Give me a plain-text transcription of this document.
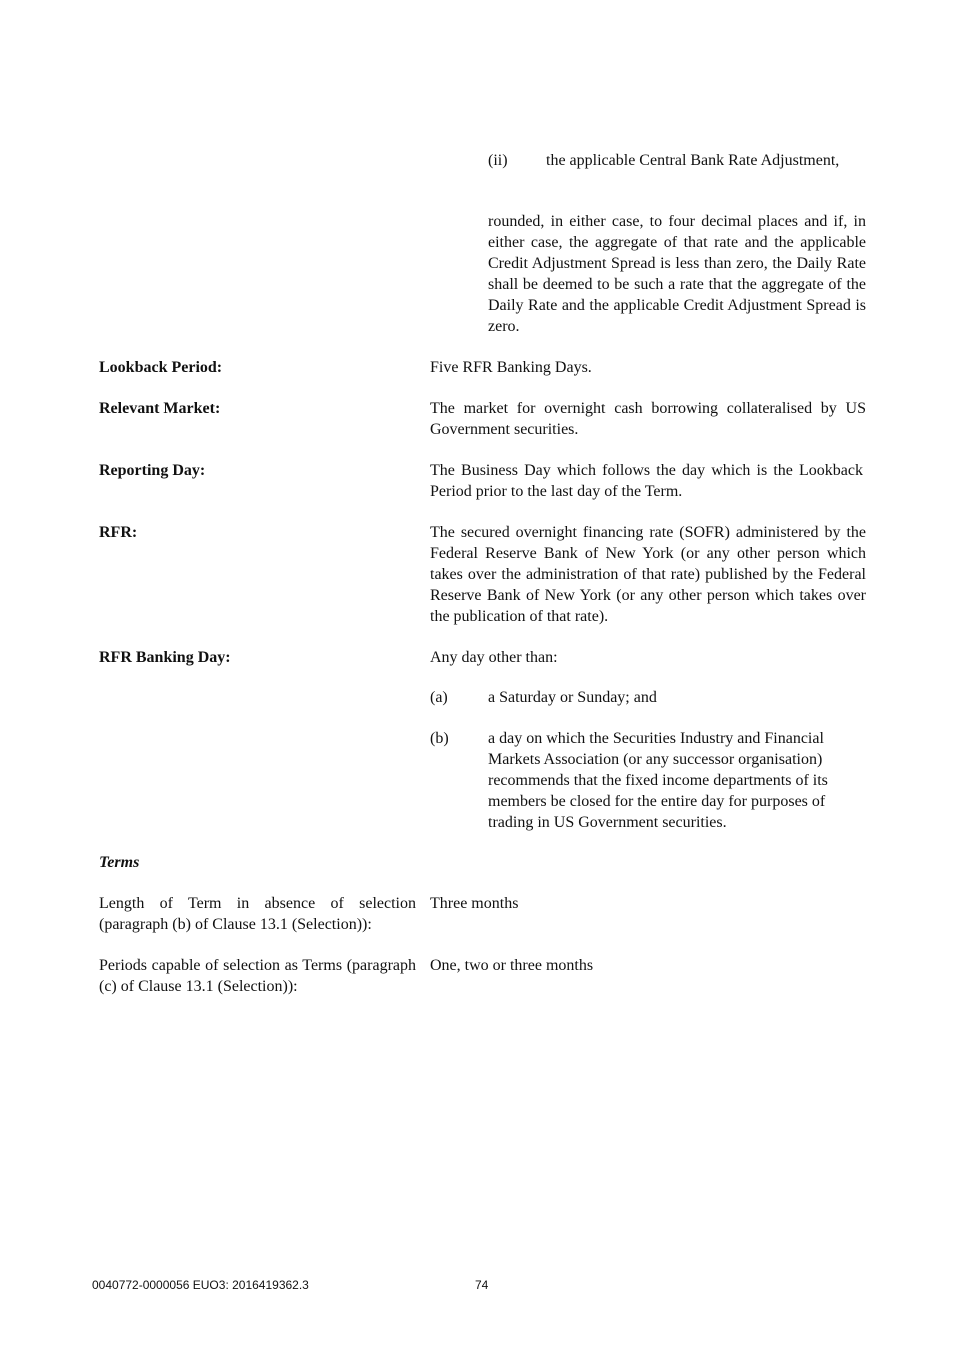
(ii) the applicable Central Bank Rate Adjustment,
rounded, in either case, to four decimal places and if, in either case, the aggregate of that rate and the applicable Credit Adjustment Spread is less than zero, the Daily Rate shall be deemed to be such a rate that the aggregate of the Daily Rate and the applicable Credit Adjustment Spread is zero.
Lookback Period:	Five RFR Banking Days.
Relevant Market:	The market for overnight cash borrowing collateralised by US Government securities.
Reporting Day:	The Business Day which follows the day which is the Lookback Period prior to the last day of the Term.
RFR:	The secured overnight financing rate (SOFR) administered by the Federal Reserve Bank of New York (or any other person which takes over the administration of that rate) published by the Federal Reserve Bank of New York (or any other person which takes over the publication of that rate).
RFR Banking Day:	Any day other than:
(a)	a Saturday or Sunday; and
(b) a day on which the Securities Industry and Financial Markets Association (or any successor organisation) recommends that the fixed income departments of its members be closed for the entire day for purposes of trading in US Government securities.
Terms
Length of Term in absence of selection (paragraph (b) of Clause 13.1 (Selection)):
Three months
Periods capable of selection as Terms (paragraph (c) of Clause 13.1 (Selection)):
One, two or three months
0040772-0000056 EUO3: 2016419362.3	74
